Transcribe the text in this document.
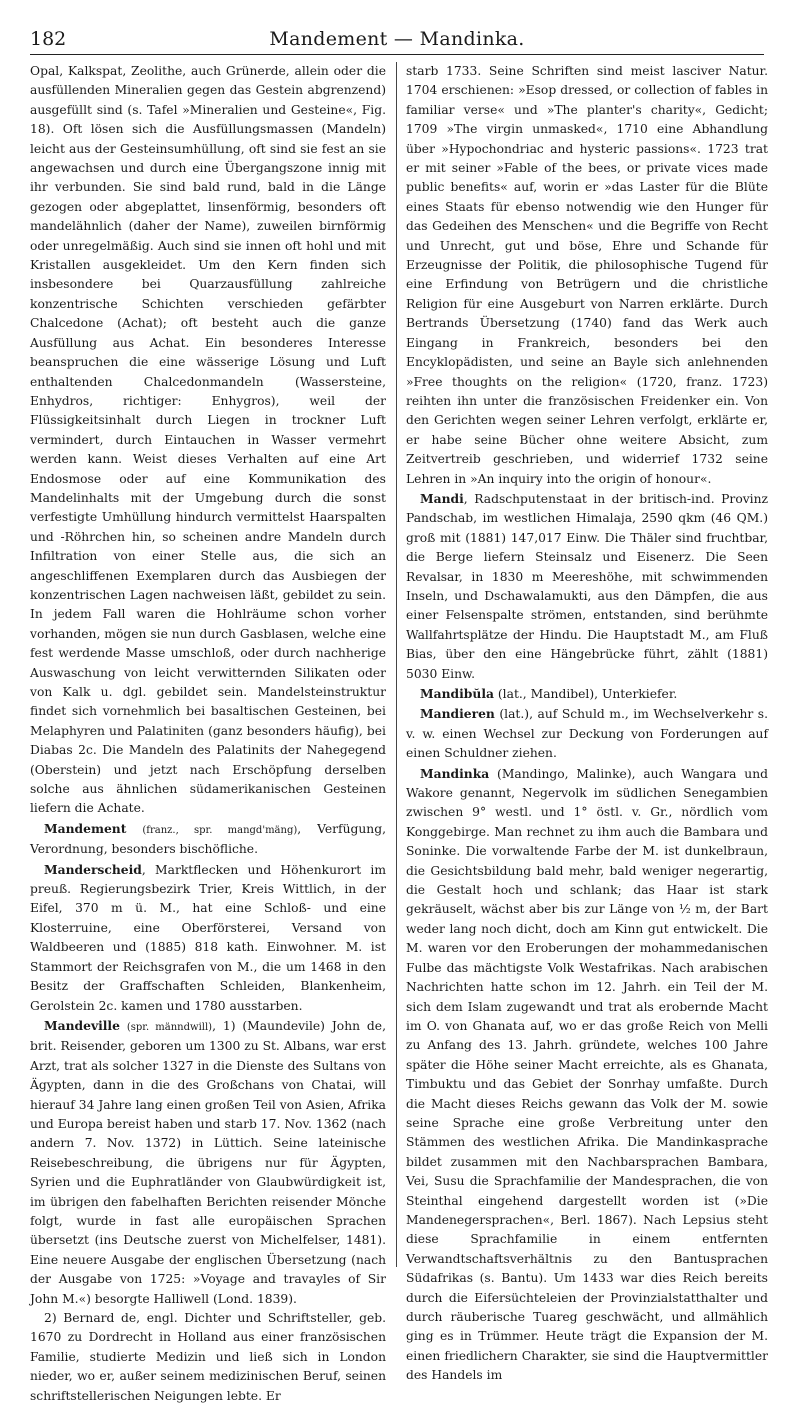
182	Mandement — Mandinka.

Opal, Kalkspat, Zeolithe, auch Grünerde, allein oder die ausfüllenden Mineralien gegen das Gestein abgrenzend) ausgefüllt sind (s. Tafel »Mineralien und Gesteine«, Fig. 18). Oft lösen sich die Ausfüllungsmassen (Mandeln) leicht aus der Gesteinsumhüllung, oft sind sie fest an sie angewachsen und durch eine Übergangszone innig mit ihr verbunden. Sie sind bald rund, bald in die Länge gezogen oder abgeplattet, linsenförmig, besonders oft mandelähnlich (daher der Name), zuweilen birnförmig oder unregelmäßig. Auch sind sie innen oft hohl und mit Kristallen ausgekleidet. Um den Kern finden sich insbesondere bei Quarzausfüllung zahlreiche konzentrische Schichten verschieden gefärbter Chalcedone (Achat); oft besteht auch die ganze Ausfüllung aus Achat. Ein besonderes Interesse beanspruchen die eine wässerige Lösung und Luft enthaltenden Chalcedonmandeln (Wassersteine, Enhydros, richtiger: Enhygros), weil der Flüssigkeitsinhalt durch Liegen in trockner Luft vermindert, durch Eintauchen in Wasser vermehrt werden kann. Weist dieses Verhalten auf eine Art Endosmose oder auf eine Kommunikation des Mandelinhalts mit der Umgebung durch die sonst verfestigte Umhüllung hindurch vermittelst Haarspalten und -Röhrchen hin, so scheinen andre Mandeln durch Infiltration von einer Stelle aus, die sich an angeschliffenen Exemplaren durch das Ausbiegen der konzentrischen Lagen nachweisen läßt, gebildet zu sein. In jedem Fall waren die Hohlräume schon vorher vorhanden, mögen sie nun durch Gasblasen, welche eine fest werdende Masse umschloß, oder durch nachherige Auswaschung von leicht verwitternden Silikaten oder von Kalk u. dgl. gebildet sein. Mandelsteinstruktur findet sich vornehmlich bei basaltischen Gesteinen, bei Melaphyren und Palatiniten (ganz besonders häufig), bei Diabas 2c. Die Mandeln des Palatinits der Nahegegend (Oberstein) und jetzt nach Erschöpfung derselben solche aus ähnlichen südamerikanischen Gesteinen liefern die Achate.

Mandement (franz., spr. mangd'mäng), Verfügung, Verordnung, besonders bischöfliche.

Manderscheid, Marktflecken und Höhenkurort im preuß. Regierungsbezirk Trier, Kreis Wittlich, in der Eifel, 370 m ü. M., hat eine Schloß- und eine Klosterruine, eine Oberförsterei, Versand von Waldbeeren und (1885) 818 kath. Einwohner. M. ist Stammort der Reichsgrafen von M., die um 1468 in den Besitz der Graffschaften Schleiden, Blankenheim, Gerolstein 2c. kamen und 1780 ausstarben.

Mandeville (spr. männdwill), 1) (Maundevile) John de, brit. Reisender, geboren um 1300 zu St. Albans, war erst Arzt, trat als solcher 1327 in die Dienste des Sultans von Ägypten, dann in die des Großchans von Chatai, will hierauf 34 Jahre lang einen großen Teil von Asien, Afrika und Europa bereist haben und starb 17. Nov. 1362 (nach andern 7. Nov. 1372) in Lüttich. Seine lateinische Reisebeschreibung, die übrigens nur für Ägypten, Syrien und die Euphratländer von Glaubwürdigkeit ist, im übrigen den fabelhaften Berichten reisender Mönche folgt, wurde in fast alle europäischen Sprachen übersetzt (ins Deutsche zuerst von Michelfelser, 1481). Eine neuere Ausgabe der englischen Übersetzung (nach der Ausgabe von 1725: »Voyage and travayles of Sir John M.«) besorgte Halliwell (Lond. 1839).

2) Bernard de, engl. Dichter und Schriftsteller, geb. 1670 zu Dordrecht in Holland aus einer französischen Familie, studierte Medizin und ließ sich in London nieder, wo er, außer seinem medizinischen Beruf, seinen schriftstellerischen Neigungen lebte. Er

starb 1733. Seine Schriften sind meist lasciver Natur. 1704 erschienen: »Esop dressed, or collection of fables in familiar verse« und »The planter's charity«, Gedicht; 1709 »The virgin unmasked«, 1710 eine Abhandlung über »Hypochondriac and hysteric passions«. 1723 trat er mit seiner »Fable of the bees, or private vices made public benefits« auf, worin er »das Laster für die Blüte eines Staats für ebenso notwendig wie den Hunger für das Gedeihen des Menschen« und die Begriffe von Recht und Unrecht, gut und böse, Ehre und Schande für Erzeugnisse der Politik, die philosophische Tugend für eine Erfindung von Betrügern und die christliche Religion für eine Ausgeburt von Narren erklärte. Durch Bertrands Übersetzung (1740) fand das Werk auch Eingang in Frankreich, besonders bei den Encyklopädisten, und seine an Bayle sich anlehnenden »Free thoughts on the religion« (1720, franz. 1723) reihten ihn unter die französischen Freidenker ein. Von den Gerichten wegen seiner Lehren verfolgt, erklärte er, er habe seine Bücher ohne weitere Absicht, zum Zeitvertreib geschrieben, und widerrief 1732 seine Lehren in »An inquiry into the origin of honour«.

Mandi, Radschputenstaat in der britisch-ind. Provinz Pandschab, im westlichen Himalaja, 2590 qkm (46 QM.) groß mit (1881) 147,017 Einw. Die Thäler sind fruchtbar, die Berge liefern Steinsalz und Eisenerz. Die Seen Revalsar, in 1830 m Meereshöhe, mit schwimmenden Inseln, und Dschawalamukti, aus den Dämpfen, die aus einer Felsenspalte strömen, entstanden, sind berühmte Wallfahrtsplätze der Hindu. Die Hauptstadt M., am Fluß Bias, über den eine Hängebrücke führt, zählt (1881) 5030 Einw.

Mandibŭla (lat., Mandibel), Unterkiefer.

Mandieren (lat.), auf Schuld m., im Wechselverkehr s. v. w. einen Wechsel zur Deckung von Forderungen auf einen Schuldner ziehen.

Mandinka (Mandingo, Malinke), auch Wangara und Wakore genannt, Negervolk im südlichen Senegambien zwischen 9° westl. und 1° östl. v. Gr., nördlich vom Konggebirge. Man rechnet zu ihm auch die Bambara und Soninke. Die vorwaltende Farbe der M. ist dunkelbraun, die Gesichtsbildung bald mehr, bald weniger negerartig, die Gestalt hoch und schlank; das Haar ist stark gekräuselt, wächst aber bis zur Länge von ½ m, der Bart weder lang noch dicht, doch am Kinn gut entwickelt. Die M. waren vor den Eroberungen der mohammedanischen Fulbe das mächtigste Volk Westafrikas. Nach arabischen Nachrichten hatte schon im 12. Jahrh. ein Teil der M. sich dem Islam zugewandt und trat als erobernde Macht im O. von Ghanata auf, wo er das große Reich von Melli zu Anfang des 13. Jahrh. gründete, welches 100 Jahre später die Höhe seiner Macht erreichte, als es Ghanata, Timbuktu und das Gebiet der Sonrhay umfaßte. Durch die Macht dieses Reichs gewann das Volk der M. sowie seine Sprache eine große Verbreitung unter den Stämmen des westlichen Afrika. Die Mandinkasprache bildet zusammen mit den Nachbarsprachen Bambara, Vei, Susu die Sprachfamilie der Mandesprachen, die von Steinthal eingehend dargestellt worden ist (»Die Mandenegersprachen«, Berl. 1867). Nach Lepsius steht diese Sprachfamilie in einem entfernten Verwandtschaftsverhältnis zu den Bantusprachen Südafrikas (s. Bantu). Um 1433 war dies Reich bereits durch die Eifersüchteleien der Provinzialstatthalter und durch räuberische Tuareg geschwächt, und allmählich ging es in Trümmer. Heute trägt die Expansion der M. einen friedlichern Charakter, sie sind die Hauptvermittler des Handels im
